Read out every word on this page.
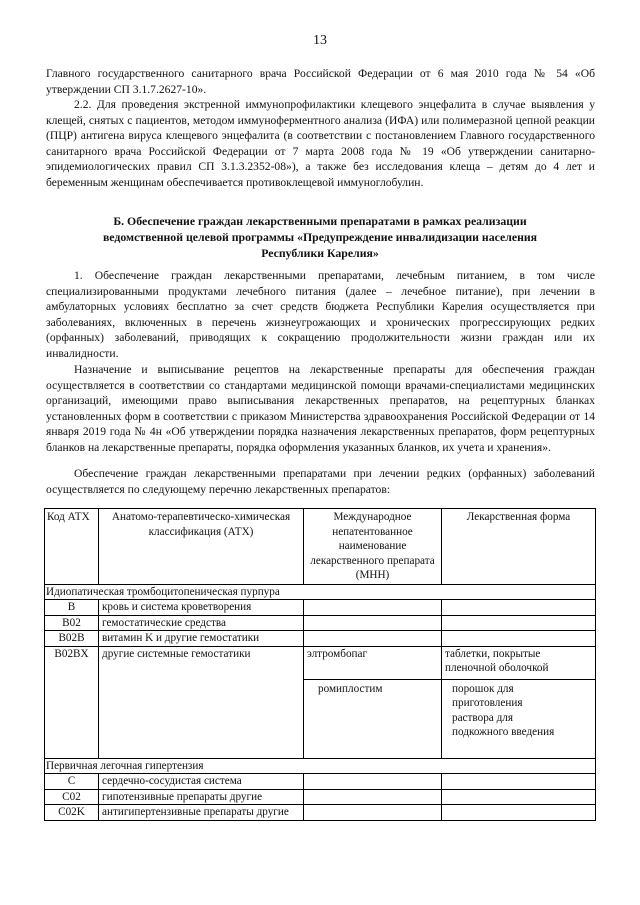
13

Главного государственного санитарного врача Российской Федерации от 6 мая 2010 года № 54 «Об утверждении СП 3.1.7.2627-10».

2.2. Для проведения экстренной иммунопрофилактики клещевого энцефалита в случае выявления у клещей, снятых с пациентов, методом иммуноферментного анализа (ИФА) или полимеразной цепной реакции (ПЦР) антигена вируса клещевого энцефалита (в соответствии с постановлением Главного государственного санитарного врача Российской Федерации от 7 марта 2008 года № 19 «Об утверждении санитарно-эпидемиологических правил СП 3.1.3.2352-08»), а также без исследования клеща – детям до 4 лет и беременным женщинам обеспечивается противоклещевой иммуноглобулин.

Б. Обеспечение граждан лекарственными препаратами в рамках реализации
ведомственной целевой программы «Предупреждение инвалидизации населения
Республики Карелия»

1. Обеспечение граждан лекарственными препаратами, лечебным питанием, в том числе специализированными продуктами лечебного питания (далее – лечебное питание), при лечении в амбулаторных условиях бесплатно за счет средств бюджета Республики Карелия осуществляется при заболеваниях, включенных в перечень жизнеугрожающих и хронических прогрессирующих редких (орфанных) заболеваний, приводящих к сокращению продолжительности жизни граждан или их инвалидности.

Назначение и выписывание рецептов на лекарственные препараты для обеспечения граждан осуществляется в соответствии со стандартами медицинской помощи врачами-специалистами медицинских организаций, имеющими право выписывания лекарственных препаратов, на рецептурных бланках установленных форм в соответствии с приказом Министерства здравоохранения Российской Федерации от 14 января 2019 года № 4н «Об утверждении порядка назначения лекарственных препаратов, форм рецептурных бланков на лекарственные препараты, порядка оформления указанных бланков, их учета и хранения».

Обеспечение граждан лекарственными препаратами при лечении редких (орфанных) заболеваний осуществляется по следующему перечню лекарственных препаратов:

Код АТХ	Анатомо-терапевтическо-химическая классификация (АТХ)	Международное непатентованное наименование лекарственного препарата (МНН)	Лекарственная форма
Идиопатическая тромбоцитопеническая пурпура			
B	кровь и система кроветворения		
B02	гемостатические средства		
B02B	витамин K и другие гемостатики		
B02BX	другие системные гемостатики	элтромбопаг	таблетки, покрытые пленочной оболочкой
		ромиплостим	порошок для приготовления раствора для подкожного введения
Первичная легочная гипертензия			
C	сердечно-сосудистая система		
C02	гипотензивные препараты другие		
C02K	антигипертензивные препараты другие		
